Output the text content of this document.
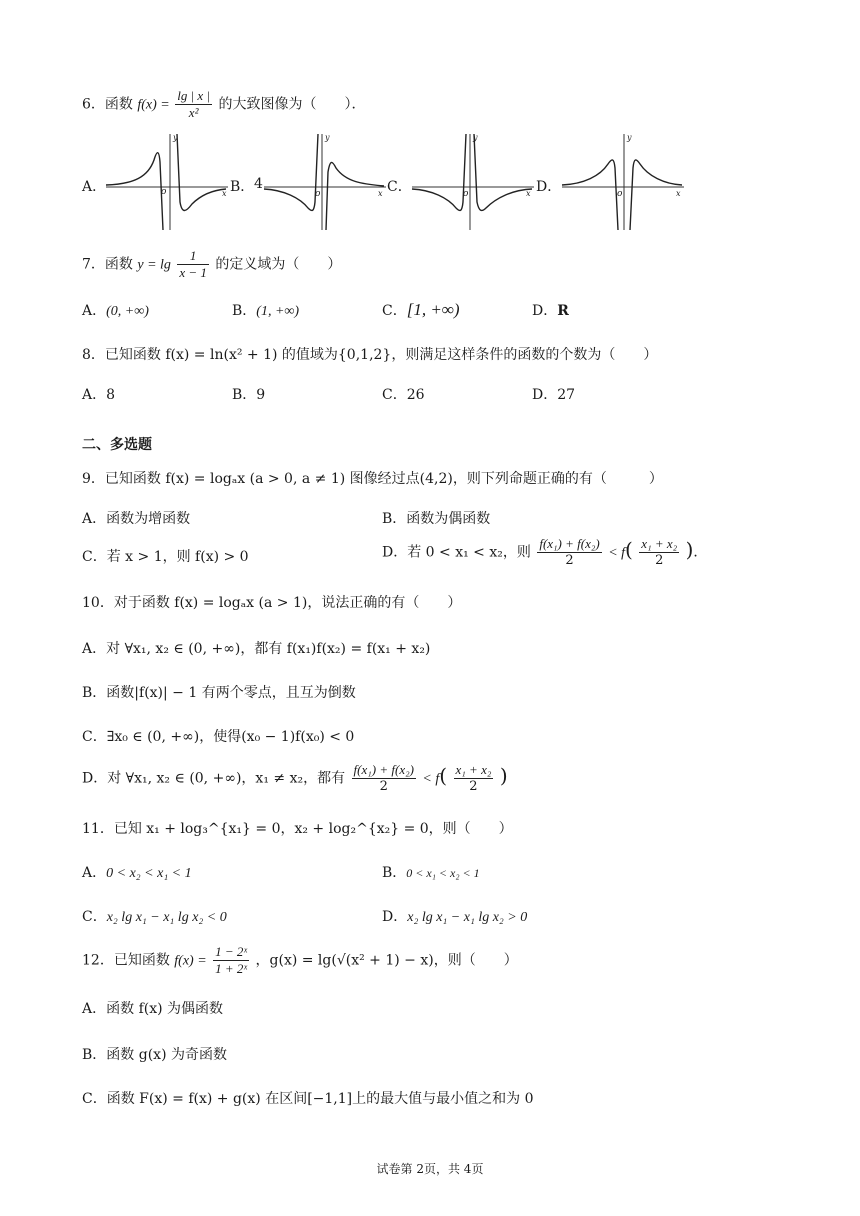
6．函数 $f(x) = \frac{\lg | x |}{\text{x²}}$ 的大致图像为（　　）．
A．	o	x
y
B． 4
o	x
y
C．	o	x
y
D．	o	x
y
7．函数 $y = \lg \frac{1}{x - 1}$ 的定义域为（　　）
A．(0, +∞)	B．(1, +∞)	C．[1, +∞)	D．R
8．已知函数 f(x) = ln(x² + 1) 的值域为{0,1,2}，则满足这样条件的函数的个数为（　　）
A．8	B．9	C．26	D．27
二、多选题
9．已知函数 f(x) = logₐx (a > 0, a ≠ 1) 图像经过点(4,2)，则下列命题正确的有（　　　）
A．函数为增函数	B．函数为偶函数
C．若 x > 1，则 f(x) > 0	D．若 0 < x₁ < x₂，则 $\frac{\text{f(x₁) + f(x₂)}}{2} < f( \frac{\text{x₁ + x₂}}{2}$ )．
10．对于函数 f(x) = logₐx (a > 1)，说法正确的有（　　）
A．对 ∀x₁, x₂ ∈ (0, +∞)，都有 f(x₁)f(x₂) = f(x₁ + x₂)
B．函数|f(x)| − 1 有两个零点，且互为倒数
C．∃x₀ ∈ (0, +∞)，使得(x₀ − 1)f(x₀) < 0
D．对 ∀x₁, x₂ ∈ (0, +∞)，x₁ ≠ x₂，都有 $\frac{\text{f(x₁) + f(x₂)}}{2} < f( \frac{\text{x₁ + x₂}}{2}$ )
11．已知 x₁ + log₃^{x₁} = 0，x₂ + log₂^{x₂} = 0，则（　　）
A．0 < x₂ < x₁ < 1	B．0 < x₁ < x₂ < 1
C．x₂ lg x₁ − x₁ lg x₂ < 0	D．x₂ lg x₁ − x₁ lg x₂ > 0
12．已知函数 $f(x) = \frac{\text{1 − 2ˣ}}{\text{1 + 2ˣ}}$ ，g(x) = lg(√(x² + 1) − x)，则（　　）
A．函数 f(x) 为偶函数
B．函数 g(x) 为奇函数
C．函数 F(x) = f(x) + g(x) 在区间[−1,1]上的最大值与最小值之和为 0
试卷第 2页，共 4页
